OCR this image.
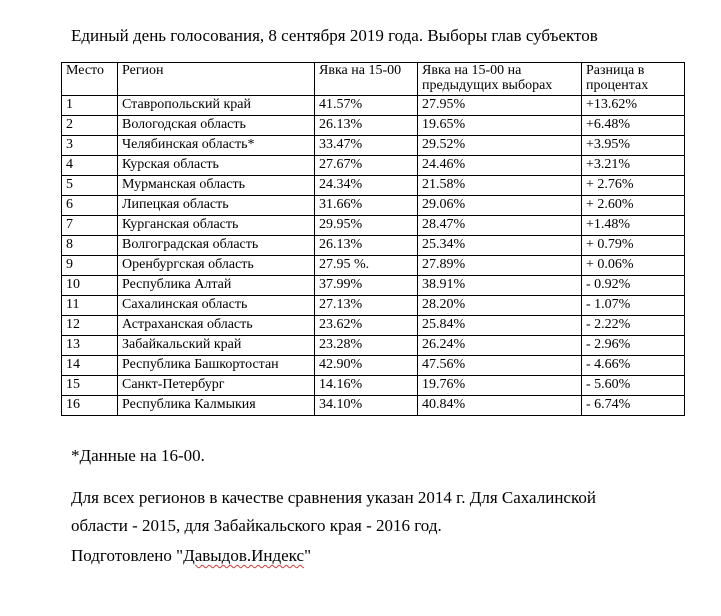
Единый день голосования, 8 сентября 2019 года. Выборы глав субъектов
Место	Регион	Явка на 15-00	Явка на 15-00 на предыдущих выборах	Разница в процентах
1	Ставропольский край	41.57%	27.95%	+13.62%
2	Вологодская область	26.13%	19.65%	+6.48%
3	Челябинская область*	33.47%	29.52%	+3.95%
4	Курская область	27.67%	24.46%	+3.21%
5	Мурманская область	24.34%	21.58%	+ 2.76%
6	Липецкая область	31.66%	29.06%	+ 2.60%
7	Курганская область	29.95%	28.47%	+1.48%
8	Волгоградская область	26.13%	25.34%	+ 0.79%
9	Оренбургская область	27.95 %.	27.89%	+ 0.06%
10	Республика Алтай	37.99%	38.91%	- 0.92%
11	Сахалинская область	27.13%	28.20%	- 1.07%
12	Астраханская область	23.62%	25.84%	- 2.22%
13	Забайкальский край	23.28%	26.24%	- 2.96%
14	Республика Башкортостан	42.90%	47.56%	- 4.66%
15	Санкт-Петербург	14.16%	19.76%	- 5.60%
16	Республика Калмыкия	34.10%	40.84%	- 6.74%
*Данные на 16-00.
Для всех регионов в качестве сравнения указан 2014 г. Для Сахалинской
области - 2015, для Забайкальского края - 2016 год.
Подготовлено "Давыдов.Индекс"
